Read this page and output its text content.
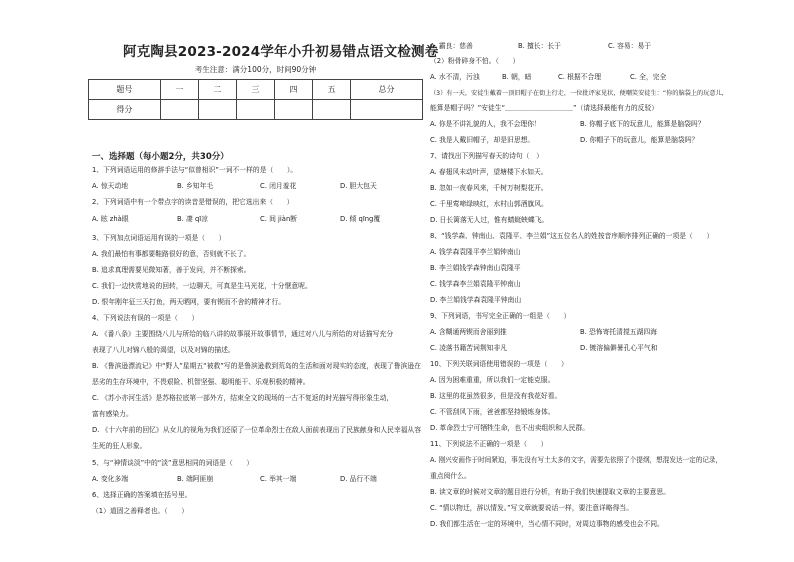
阿克陶县2023-2024学年小升初易错点语文检测卷
考生注意：满分100分，时间90分钟
题号	一	二	三	四	五	总分
得分						
一、选择题（每小题2分，共30分）
1、下列词语运用的修辞手法与“似曾相识”一词不一样的是（　　）。
A. 惊天动地	B. 乡知年毛	C. 闭月羞花	D. 胆大包天
2、下列词语中有一个带点字的读音是错误的，把它选出来（　　）
A. 眩 zhà眼	B. 凄 qī凉	C. 间 jiàn断	D. 倾 qīng覆
3、下列加点词语运用有误的一项是（　　）
A. 我们最怕有事都要鞋路很好的意，否则就不长了。
B. 追求真理需要见微知著，善于发问，并不断探索。
C. 我们一边快赏地说的回转，一边聊天，可真是生马光花，十分惬意呢。
D. 恨年刚年征三天打鱼，两天晒网，要有锲而不舍的精神才行。
4、下列说法有误的一项是（　　）
A. 《番八条》主要围绕八儿与所给的临八讲的故事展开故事情节，通过对八儿与所给的对话描写充分
表现了八儿对锦八般的渴望，以及对锦的描述。
B. 《鲁滨逊漂流记》中“野人”星期五“被救”写的是鲁滨逊救到荒岛的生活和面对现实的态度，表现了鲁滨逊在
恶劣的生存环境中，不畏艰险、机智坚强、聪明能干、乐观积极的精神。
C. 《苏小亦河生活》是苏格拉底第一部外方，结束全文的现场的一古不复返的时光描写得形象生动，
富有感染力。
D. 《十六年前的回忆》从女儿的视角为我们还原了一位革命烈士在敌人面前表现出了民族献身和人民幸福从容
生死的狂人形象。
5、与“神情谈淡”中的“淡”意思相同的词语是（　　）
A. 变化多端	B. 端阿匪崩	C. 举其一端	D. 品行不端
6、选择正确的答案填在括号里。
（1）道固之善释者也。（　　）
A. 霸良：慈善	B. 擅长：长于	C. 容易：易于
（2）粉骨碎身不怕。（　　）
A. 水不清，污浊	B. 朝，暗	C. 根据不合理	C. 全，完全
（3）有一天，安徒生戴着一顶旧帽子在街上行走，一位批评家见状，便嘲笑安徒生：“你的脑袋上的玩意儿，
能算是帽子吗？”安徒生“＿＿＿＿＿＿＿＿＿＿”（请选择最能有力的反驳）
A. 你是不讲礼貌的人，我不会理你！	B. 你帽子底下的玩意儿，能算是脑袋吗？
C. 我是人戴旧帽子，却是旧思想。	D. 你帽子下的玩意儿，能算是脑袋吗？
7、请找出下列描写春天的诗句（　）
A. 春翅风未动叶声，望塘楼下水如天。
B. 忽如一夜春风来，千树万树梨花开。
C. 千里莺啼绿映红，水村山郭酒旗风。
D. 日长篱落无人过，惟有蜻蜓蛱蝶飞。
8、“钱学森、钟南山、袁隆平、李兰娟”这五位名人的姓按音序顺序排列正确的一项是（　　）
A. 钱学森袁隆平李兰娟钟南山
B. 李兰娟钱学森钟南山袁隆平
C. 钱学森李兰娟袁隆平钟南山
D. 李兰娟钱学森袁隆平钟南山
9、下列词语，书写完全正确的一组是（　　）
A. 含糊通两锲而舍丽到推	B. 恐怖寄托清搅五湖四海
C. 凌落书籍苦词荆知非凡	D. 镀溶偏僻暑孔心平气和
10、下列关联词语使用错误的一项是（　　）
A. 因为困难重重，所以我们一定能克服。
B. 这里的花虽然很多，但是没有我花好看。
C. 不管刮风下雨，爸爸都坚持锻炼身体。
D. 革命烈士宁可牺牲生命，也不出卖组织和人民群。
11、下列说法不正确的一项是（　　）
A. 刚兴安画作于时间紧迫，事先没有写土太多的文字，需要先依照了个提纲，想混发达一定的记录，
重点阅什么。
B. 读文章的时候对文章的题目进行分析，有助于我们快速提取文章的主要意思。
C. “情以物迁，辞以情发。”写文章就要说话一样，要注意详略得当。
D. 我们都生活在一定的环境中，当心情不同时，对周边事物的感受也会不同。
